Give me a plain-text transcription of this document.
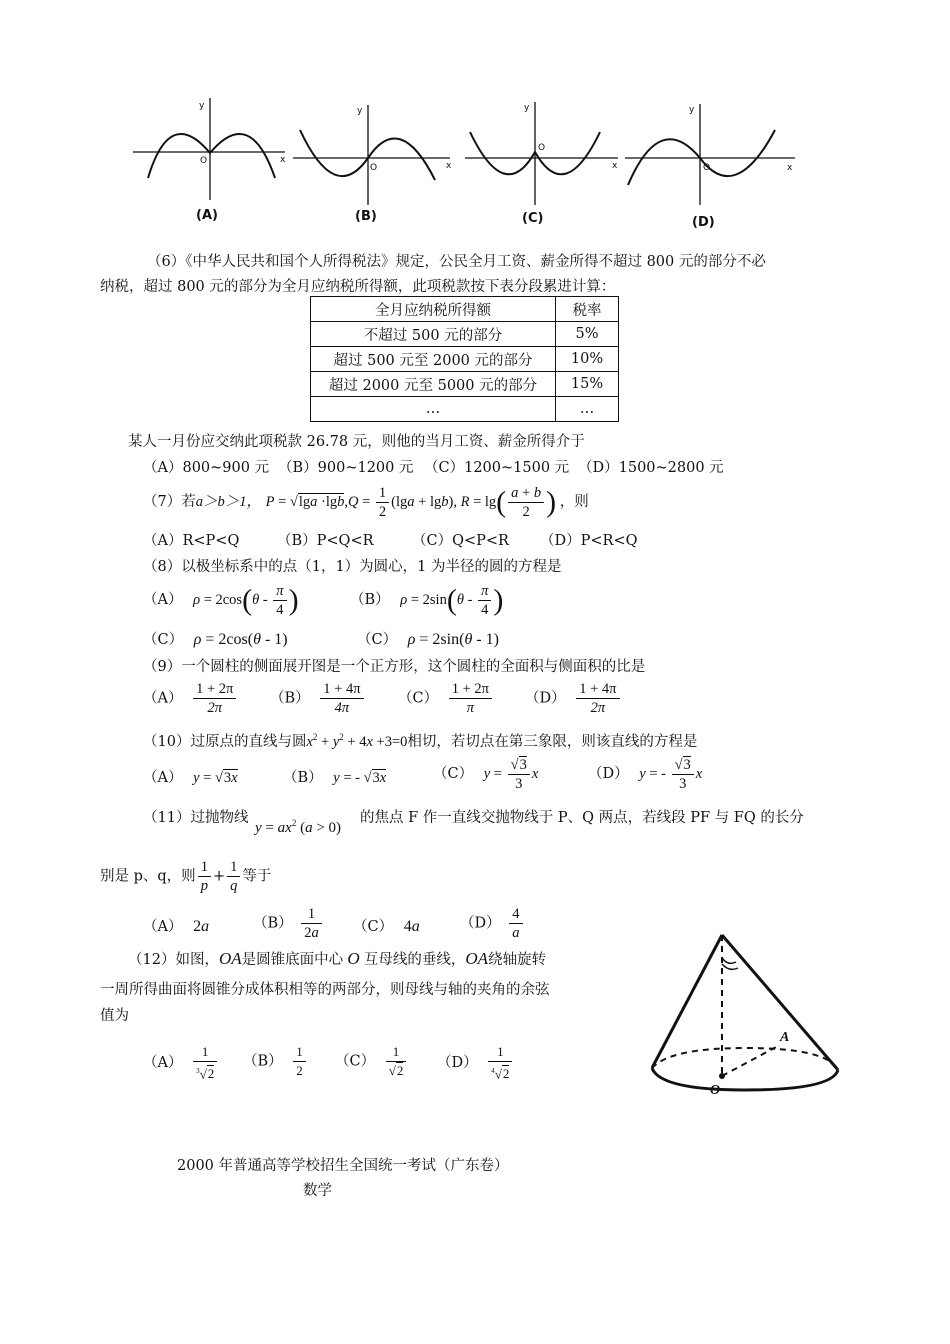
y
O	x
y
O	x
y
O
x
y
O	x
(A)	(B)	(C)	(D)
（6）《中华人民共和国个人所得税法》规定，公民全月工资、薪金所得不超过 800 元的部分不必
纳税，超过 800 元的部分为全月应纳税所得额，此项税款按下表分段累进计算：
全月应纳税所得额	税率
不超过 500 元的部分	5%
超过 500 元至 2000 元的部分	10%
超过 2000 元至 5000 元的部分	15%
…	…
某人一月份应交纳此项税款 26.78 元，则他的当月工资、薪金所得介于
（A）800~900 元 （B）900~1200 元 （C）1200~1500 元 （D）1500~2800 元
（7）若a＞b＞1， $P = √\lg a \cdot\lg b,Q = \frac{1}{2} (\lg a + \lg b)$, $R = \lg( \frac{a + b}{2}$ ) ，则
（A）R<P<Q	（B）P<Q<R	（C）Q<P<R （D）P<R<Q
（8）以极坐标系中的点（1，1）为圆心，1 为半径的圆的方程是
（A） $\rho = 2\cos(\theta - \frac{\pi}{4}$ )	（B） $\rho = 2\sin(\theta - \frac{\pi}{4}$ )
（C） ρ = 2cos(θ - 1)	（C） ρ = 2sin(θ - 1)
（9）一个圆柱的侧面展开图是一个正方形，这个圆柱的全面积与侧面积的比是
$(A) \frac{1 + 2\pi}{2\pi} (B) \frac{1 + 4\pi}{4\pi} (C) \frac{1 + 2\pi}{\pi} (D) \frac{1 + 4\pi}{2\pi}$
（10）过原点的直线与圆$x^2 + y^2 + 4x +3=0$相切，若切点在第三象限，则该直线的方程是
（A） y = √3x	（B） y = - √3x	（C） $y = \frac{√3}{3}$ x	（D） y = - $\frac{√3}{3}$ x
（11）过抛物线
$y = ax^2$ (a > 0)
的焦点 F 作一直线交抛物线于 P、Q 两点，若线段 PF 与 FQ 的长分
别是 p、q，则 $\frac{1}{p} + \frac{1}{q}$ 等于
（A） 2a	$(B) \frac{1}{2a} (C)$ 4a	$(D) \frac{4}{a}$
（12）如图，OA是圆锥底面中心 O 互母线的垂线，OA绕轴旋转
一周所得曲面将圆锥分成体积相等的两部分，则母线与轴的夹角的余弦
值为
$(A) \frac{1}{^3√2} (B) \frac{1}{2} (C) \frac{1}{√2} (D) \frac{1}{^4√2}$
A
O
2000 年普通高等学校招生全国统一考试（广东卷）
数学
